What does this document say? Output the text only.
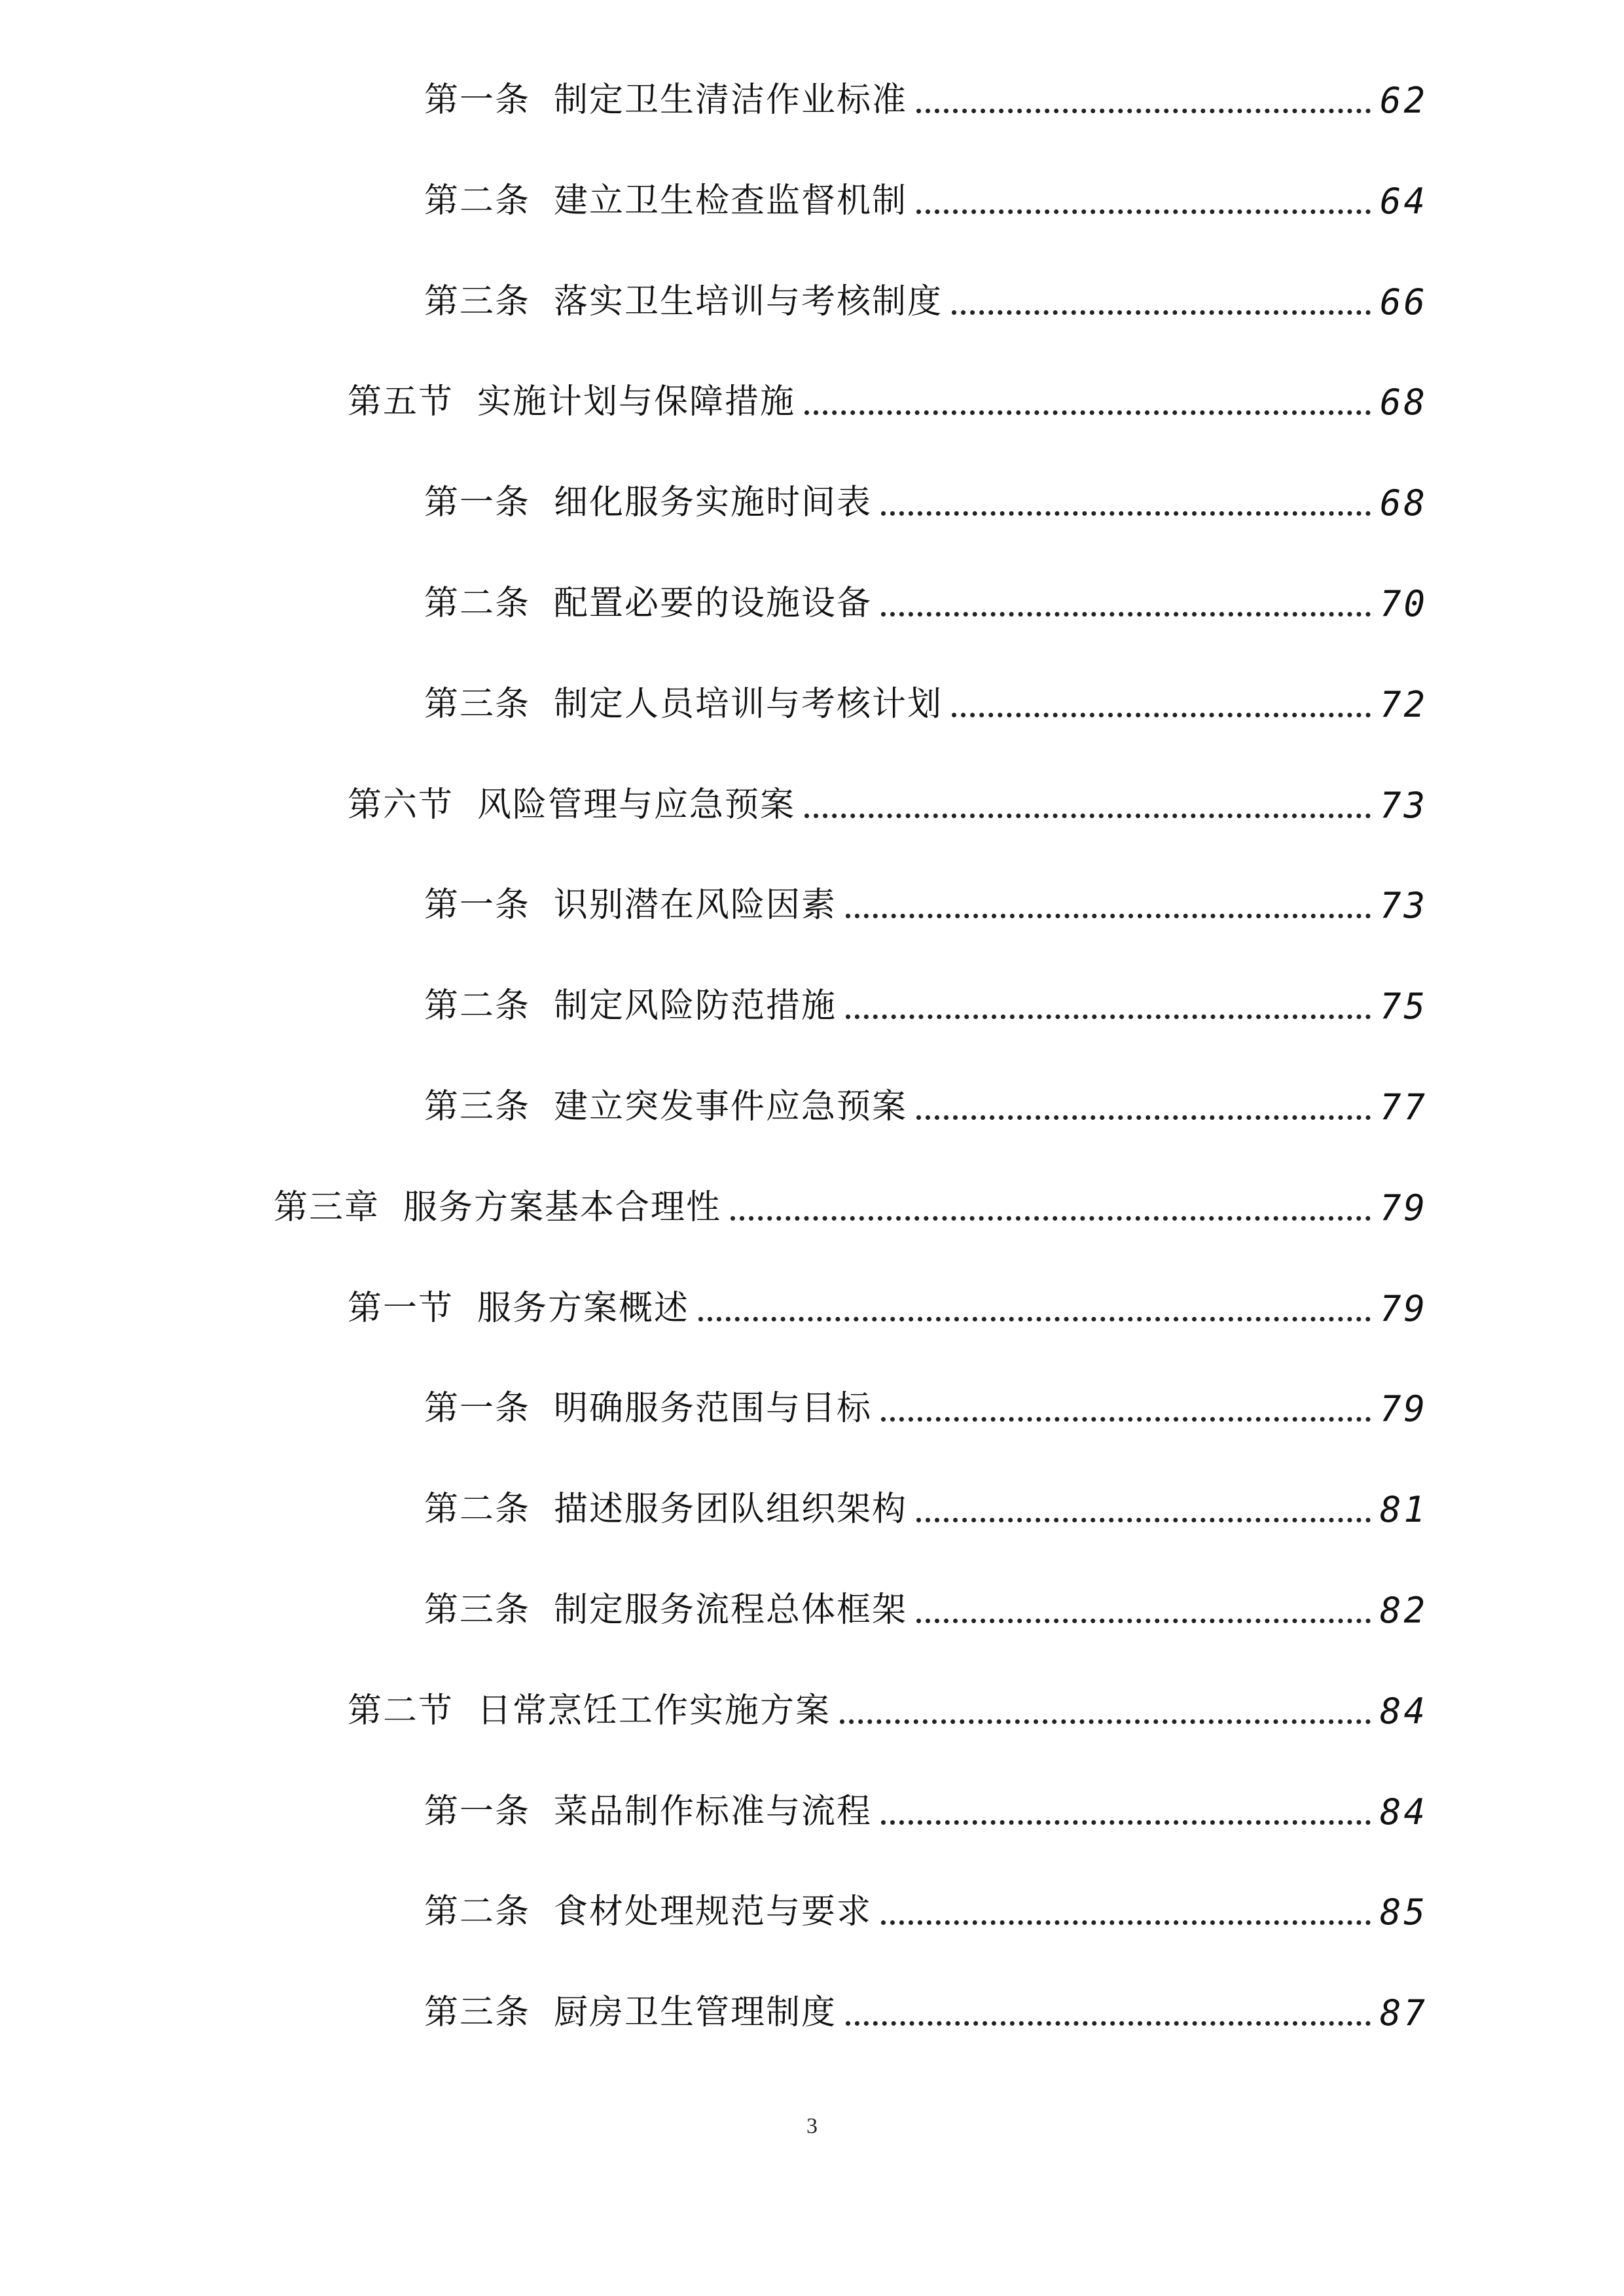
第一条 制定卫生清洁作业标准	62
第二条 建立卫生检查监督机制	64
第三条 落实卫生培训与考核制度	66
第五节 实施计划与保障措施	68
第一条 细化服务实施时间表	68
第二条 配置必要的设施设备	70
第三条 制定人员培训与考核计划	72
第六节 风险管理与应急预案	73
第一条 识别潜在风险因素	73
第二条 制定风险防范措施	75
第三条 建立突发事件应急预案	77
第三章 服务方案基本合理性	79
第一节 服务方案概述	79
第一条 明确服务范围与目标	79
第二条 描述服务团队组织架构	81
第三条 制定服务流程总体框架	82
第二节 日常烹饪工作实施方案	84
第一条 菜品制作标准与流程	84
第二条 食材处理规范与要求	85
第三条 厨房卫生管理制度	87
3
